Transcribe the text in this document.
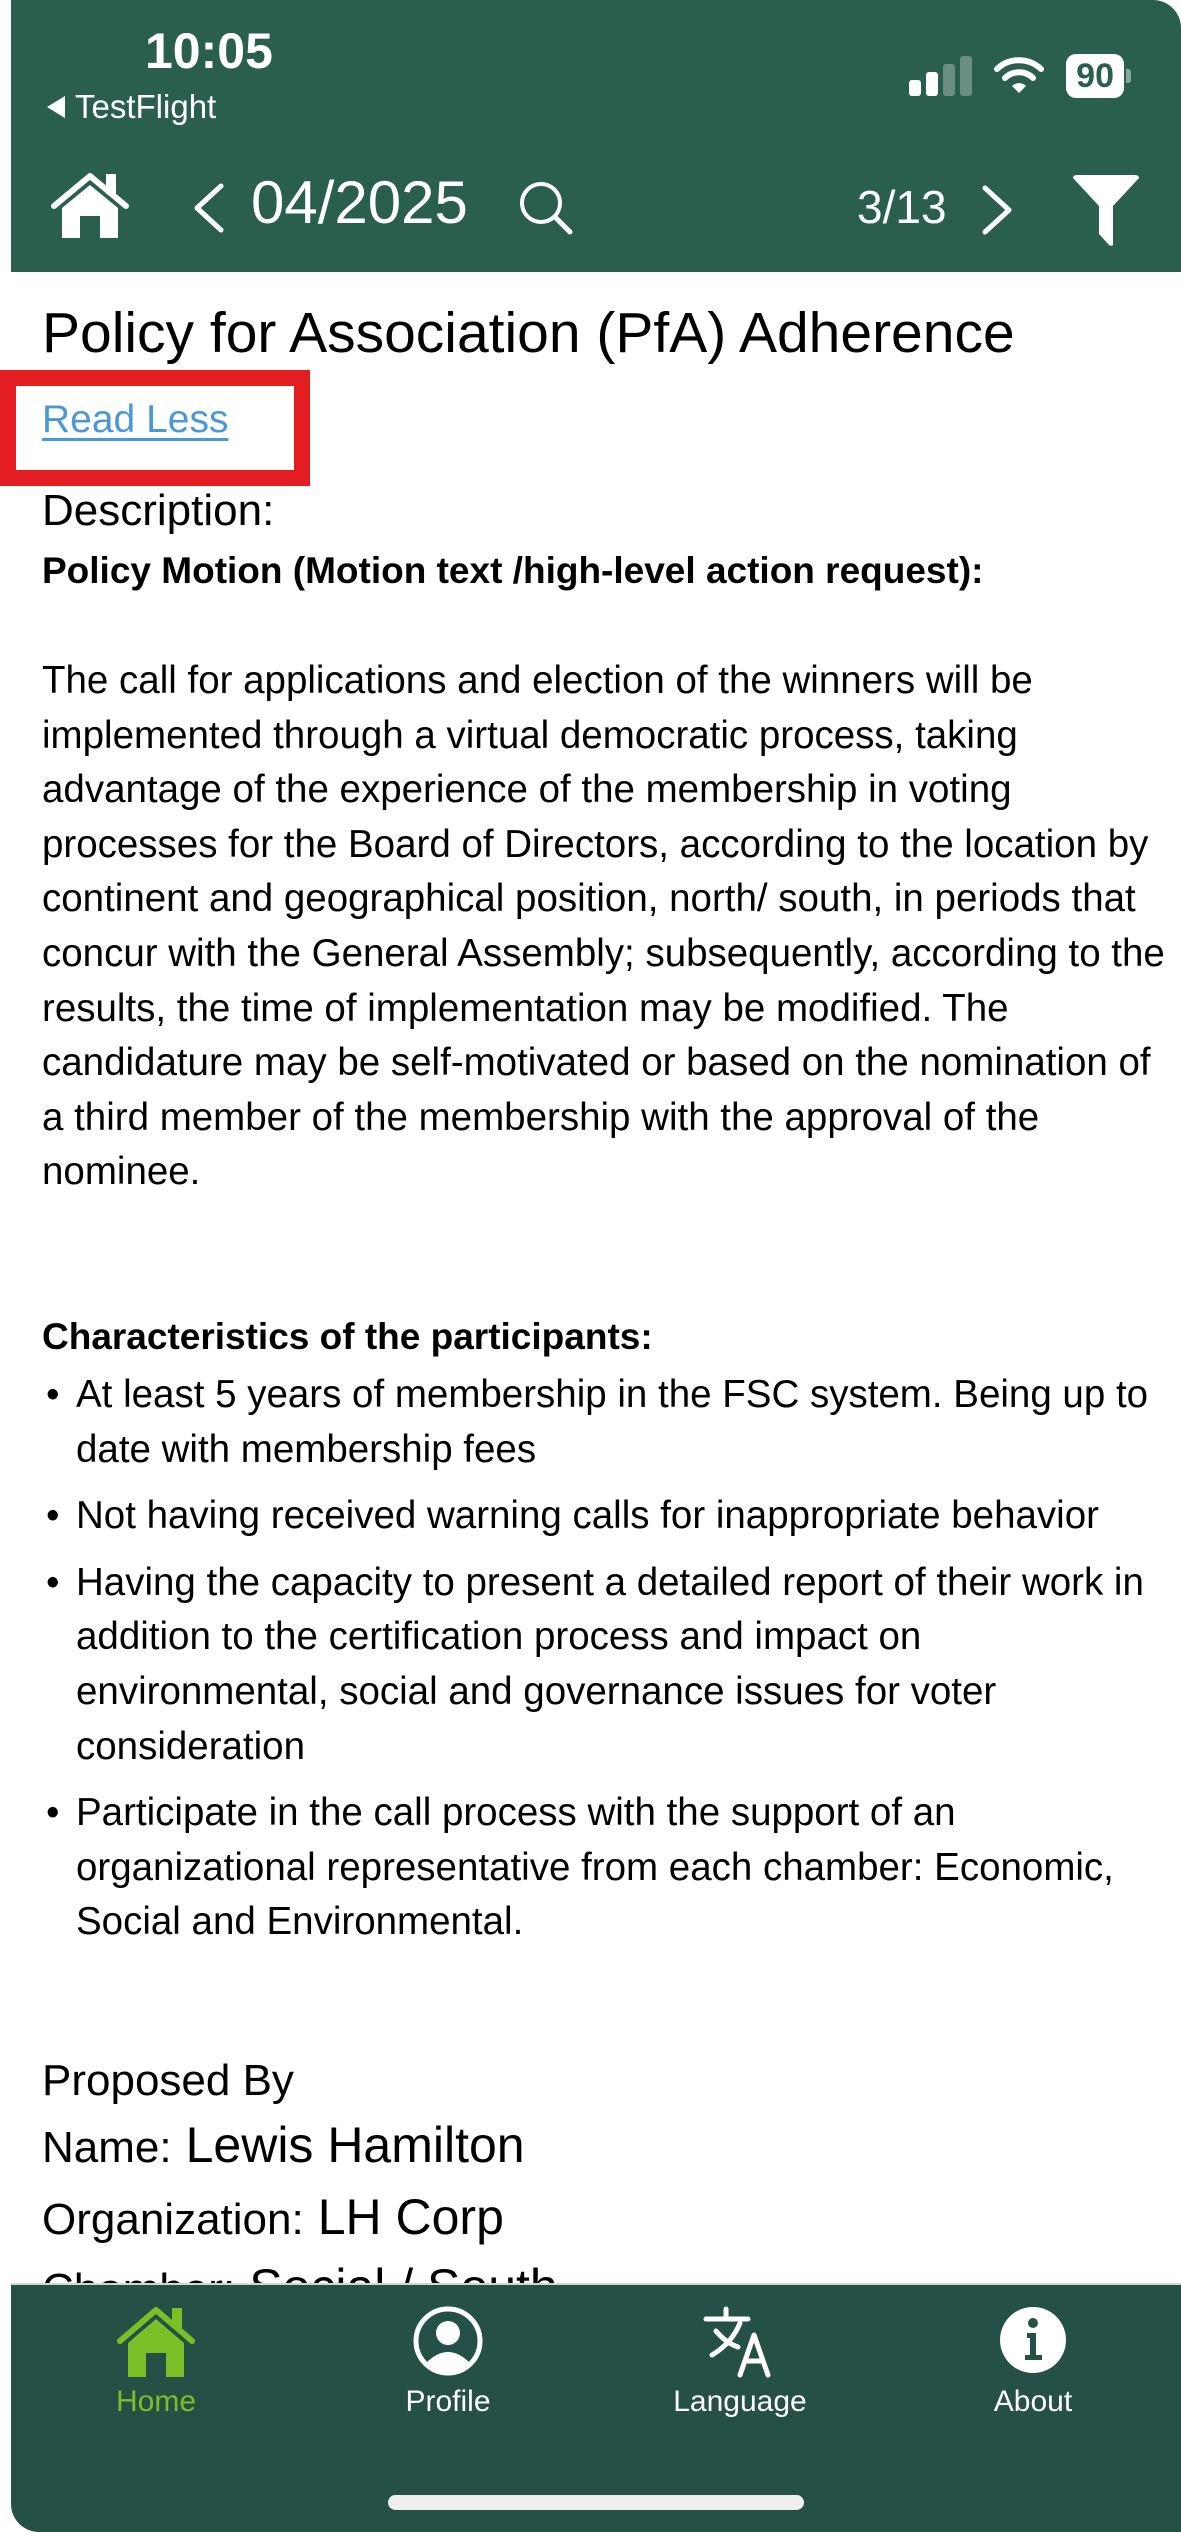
10:05
TestFlight
90
04/2025	3/13
Policy for Association (PfA) Adherence
Read Less
Description:
Policy Motion (Motion text /high-level action request):
The call for applications and election of the winners will be implemented through a virtual democratic process, taking advantage of the experience of the membership in voting processes for the Board of Directors, according to the location by continent and geographical position, north/ south, in periods that concur with the General Assembly; subsequently, according to the results, the time of implementation may be modified. The candidature may be self-motivated or based on the nomination of a third member of the membership with the approval of the nominee.
Characteristics of the participants:
• At least 5 years of membership in the FSC system. Being up to date with membership fees
• Not having received warning calls for inappropriate behavior
• Having the capacity to present a detailed report of their work in addition to the certification process and impact on environmental, social and governance issues for voter consideration
• Participate in the call process with the support of an organizational representative from each chamber: Economic, Social and Environmental.
Proposed By
Name: Lewis Hamilton
Organization: LH Corp
Home	Profile	Language	About
